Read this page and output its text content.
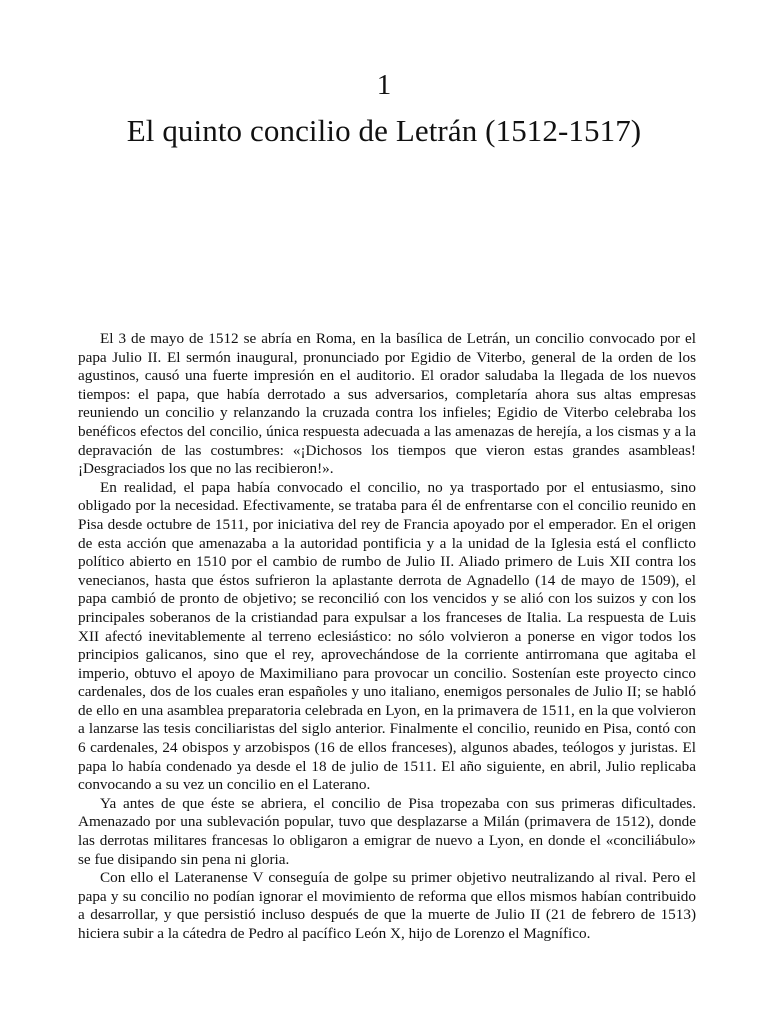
1
El quinto concilio de Letrán (1512-1517)

El 3 de mayo de 1512 se abría en Roma, en la basílica de Letrán, un concilio convocado por el papa Julio II. El sermón inaugural, pronunciado por Egidio de Viterbo, general de la orden de los agustinos, causó una fuerte impresión en el auditorio. El orador saludaba la llegada de los nuevos tiempos: el papa, que había derrotado a sus adversarios, completaría ahora sus altas empresas reuniendo un concilio y relanzando la cruzada contra los infieles; Egidio de Viterbo celebraba los benéficos efectos del concilio, única respuesta adecuada a las amenazas de herejía, a los cismas y a la depravación de las costumbres: «¡Dichosos los tiempos que vieron estas grandes asambleas! ¡Desgraciados los que no las recibieron!».

En realidad, el papa había convocado el concilio, no ya trasportado por el entusiasmo, sino obligado por la necesidad. Efectivamente, se trataba para él de enfrentarse con el concilio reunido en Pisa desde octubre de 1511, por iniciativa del rey de Francia apoyado por el emperador. En el origen de esta acción que amenazaba a la autoridad pontificia y a la unidad de la Iglesia está el conflicto político abierto en 1510 por el cambio de rumbo de Julio II. Aliado primero de Luis XII contra los venecianos, hasta que éstos sufrieron la aplastante derrota de Agnadello (14 de mayo de 1509), el papa cambió de pronto de objetivo; se reconcilió con los vencidos y se alió con los suizos y con los principales soberanos de la cristiandad para expulsar a los franceses de Italia. La respuesta de Luis XII afectó inevitablemente al terreno eclesiástico: no sólo volvieron a ponerse en vigor todos los principios galicanos, sino que el rey, aprovechándose de la corriente antirromana que agitaba el imperio, obtuvo el apoyo de Maximiliano para provocar un concilio. Sostenían este proyecto cinco cardenales, dos de los cuales eran españoles y uno italiano, enemigos personales de Julio II; se habló de ello en una asamblea preparatoria celebrada en Lyon, en la primavera de 1511, en la que volvieron a lanzarse las tesis conciliaristas del siglo anterior. Finalmente el concilio, reunido en Pisa, contó con 6 cardenales, 24 obispos y arzobispos (16 de ellos franceses), algunos abades, teólogos y juristas. El papa lo había condenado ya desde el 18 de julio de 1511. El año siguiente, en abril, Julio replicaba convocando a su vez un concilio en el Laterano.

Ya antes de que éste se abriera, el concilio de Pisa tropezaba con sus primeras dificultades. Amenazado por una sublevación popular, tuvo que desplazarse a Milán (primavera de 1512), donde las derrotas militares francesas lo obligaron a emigrar de nuevo a Lyon, en donde el «conciliábulo» se fue disipando sin pena ni gloria.

Con ello el Lateranense V conseguía de golpe su primer objetivo neutralizando al rival. Pero el papa y su concilio no podían ignorar el movimiento de reforma que ellos mismos habían contribuido a desarrollar, y que persistió incluso después de que la muerte de Julio II (21 de febrero de 1513) hiciera subir a la cátedra de Pedro al pacífico León X, hijo de Lorenzo el Magnífico.
